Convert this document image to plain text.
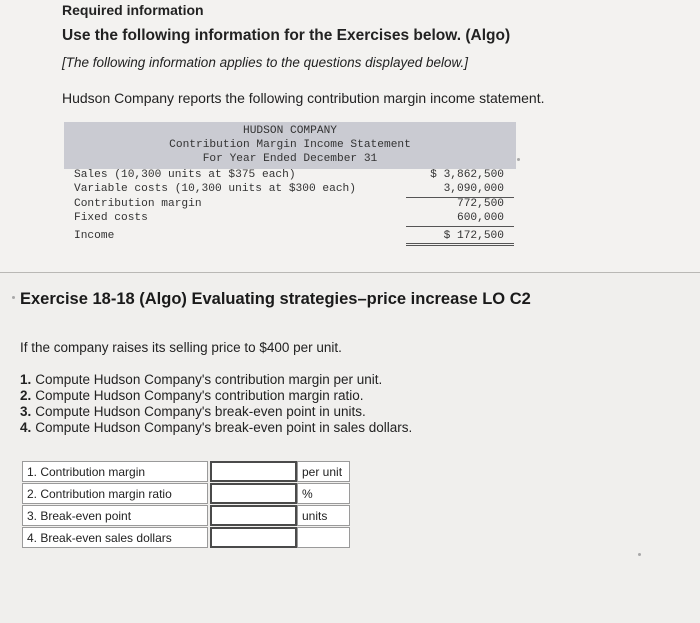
Required information
Use the following information for the Exercises below. (Algo)
[The following information applies to the questions displayed below.]
Hudson Company reports the following contribution margin income statement.
HUDSON COMPANY
Contribution Margin Income Statement
For Year Ended December 31
Sales (10,300 units at $375 each)	$ 3,862,500
Variable costs (10,300 units at $300 each)	3,090,000
Contribution margin	772,500
Fixed costs	600,000
Income	$ 172,500
Exercise 18-18 (Algo) Evaluating strategies–price increase LO C2
If the company raises its selling price to $400 per unit.
1. Compute Hudson Company's contribution margin per unit.
2. Compute Hudson Company's contribution margin ratio.
3. Compute Hudson Company's break-even point in units.
4. Compute Hudson Company's break-even point in sales dollars.
1. Contribution margin	per unit
2. Contribution margin ratio	%
3. Break-even point	units
4. Break-even sales dollars
